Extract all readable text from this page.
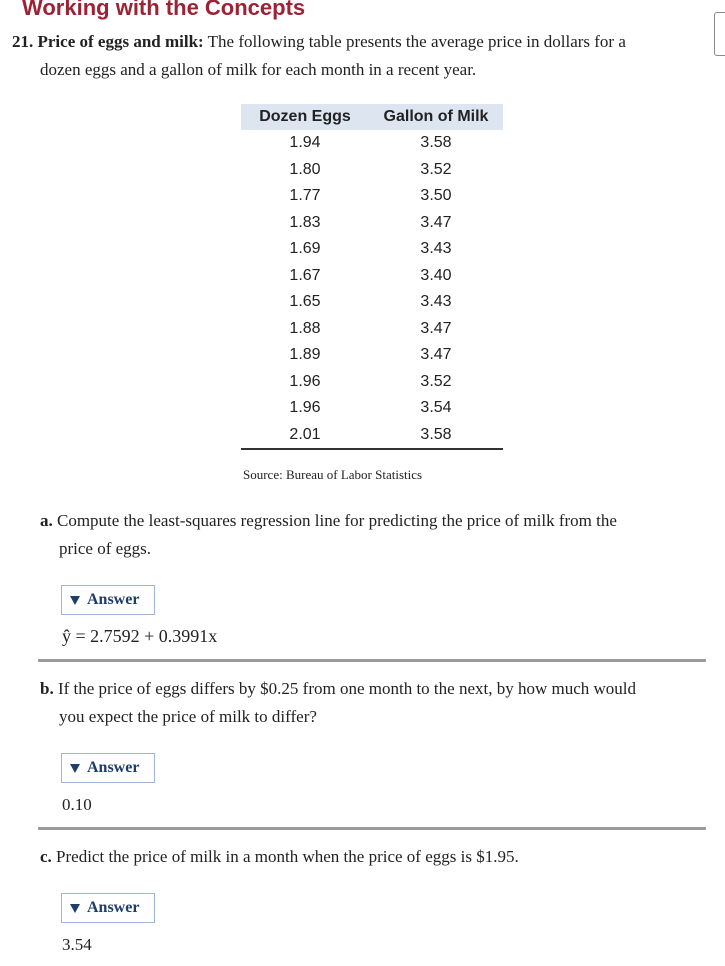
Working with the Concepts
21. Price of eggs and milk: The following table presents the average price in dollars for a
dozen eggs and a gallon of milk for each month in a recent year.
Dozen Eggs	Gallon of Milk
1.94	3.58
1.80	3.52
1.77	3.50
1.83	3.47
1.69	3.43
1.67	3.40
1.65	3.43
1.88	3.47
1.89	3.47
1.96	3.52
1.96	3.54
2.01	3.58

Source: Bureau of Labor Statistics

a. Compute the least-squares regression line for predicting the price of milk from the
price of eggs.
Answer
ŷ = 2.7592 + 0.3991x
b. If the price of eggs differs by $0.25 from one month to the next, by how much would
you expect the price of milk to differ?
Answer
0.10
c. Predict the price of milk in a month when the price of eggs is $1.95.
Answer
3.54
